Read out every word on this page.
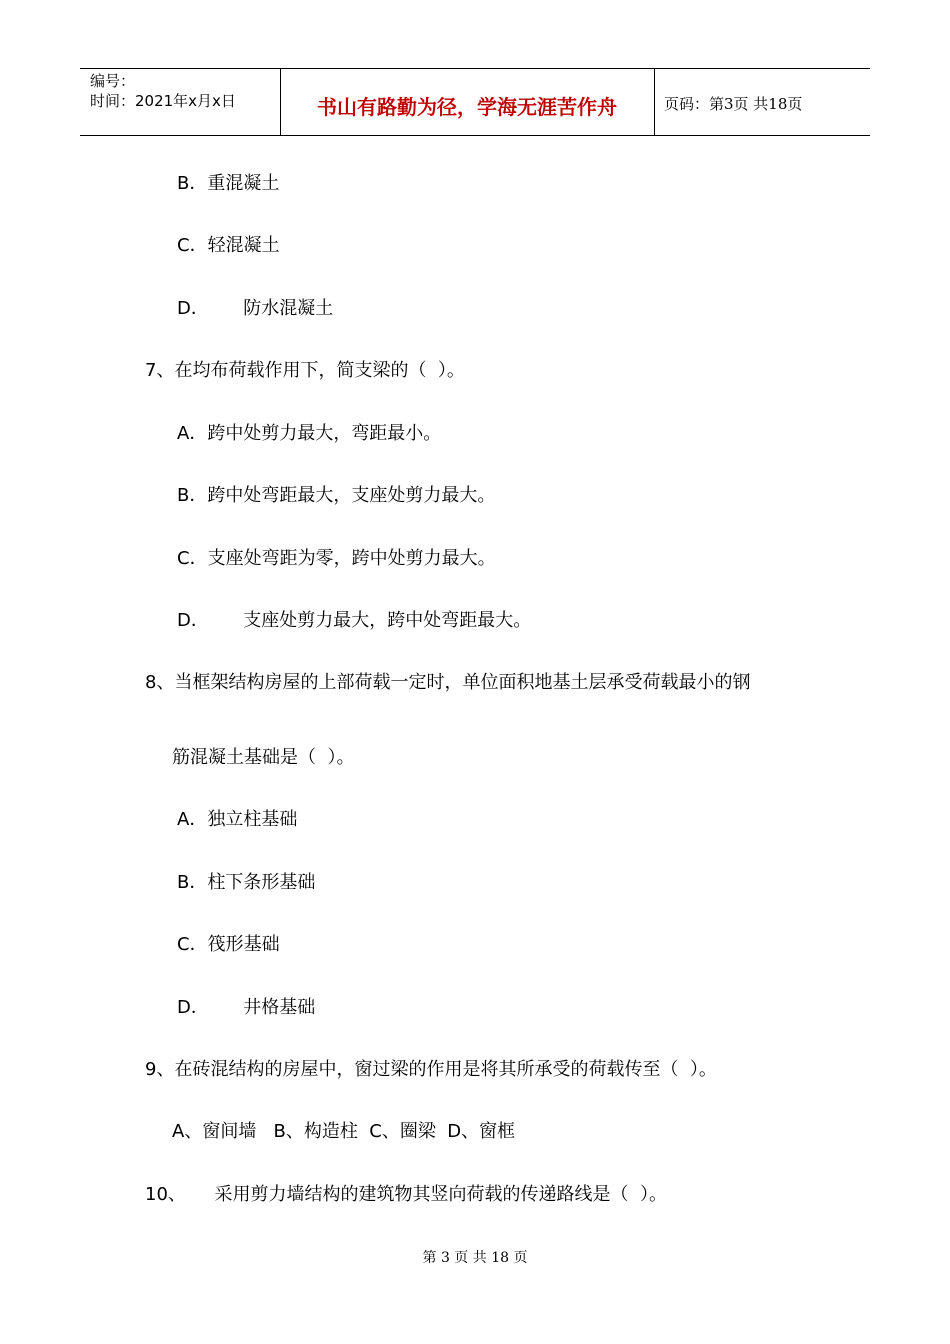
编号：
时间：2021年x月x日	书山有路勤为径，学海无涯苦作舟	页码：第3页 共18页
B．重混凝土
C．轻混凝土
D．      防水混凝土
7、在均布荷载作用下，简支梁的（  ）。
A．跨中处剪力最大，弯距最小。
B．跨中处弯距最大，支座处剪力最大。
C．支座处弯距为零，跨中处剪力最大。
D．      支座处剪力最大，跨中处弯距最大。
8、当框架结构房屋的上部荷载一定时，单位面积地基土层承受荷载最小的钢
筋混凝土基础是（  ）。
A．独立柱基础
B．柱下条形基础
C．筏形基础
D．      井格基础
9、在砖混结构的房屋中，窗过梁的作用是将其所承受的荷载传至（  ）。
A、窗间墙   B、构造柱  C、圈梁  D、窗框
10、     采用剪力墙结构的建筑物其竖向荷载的传递路线是（  ）。
第 3 页 共 18 页
